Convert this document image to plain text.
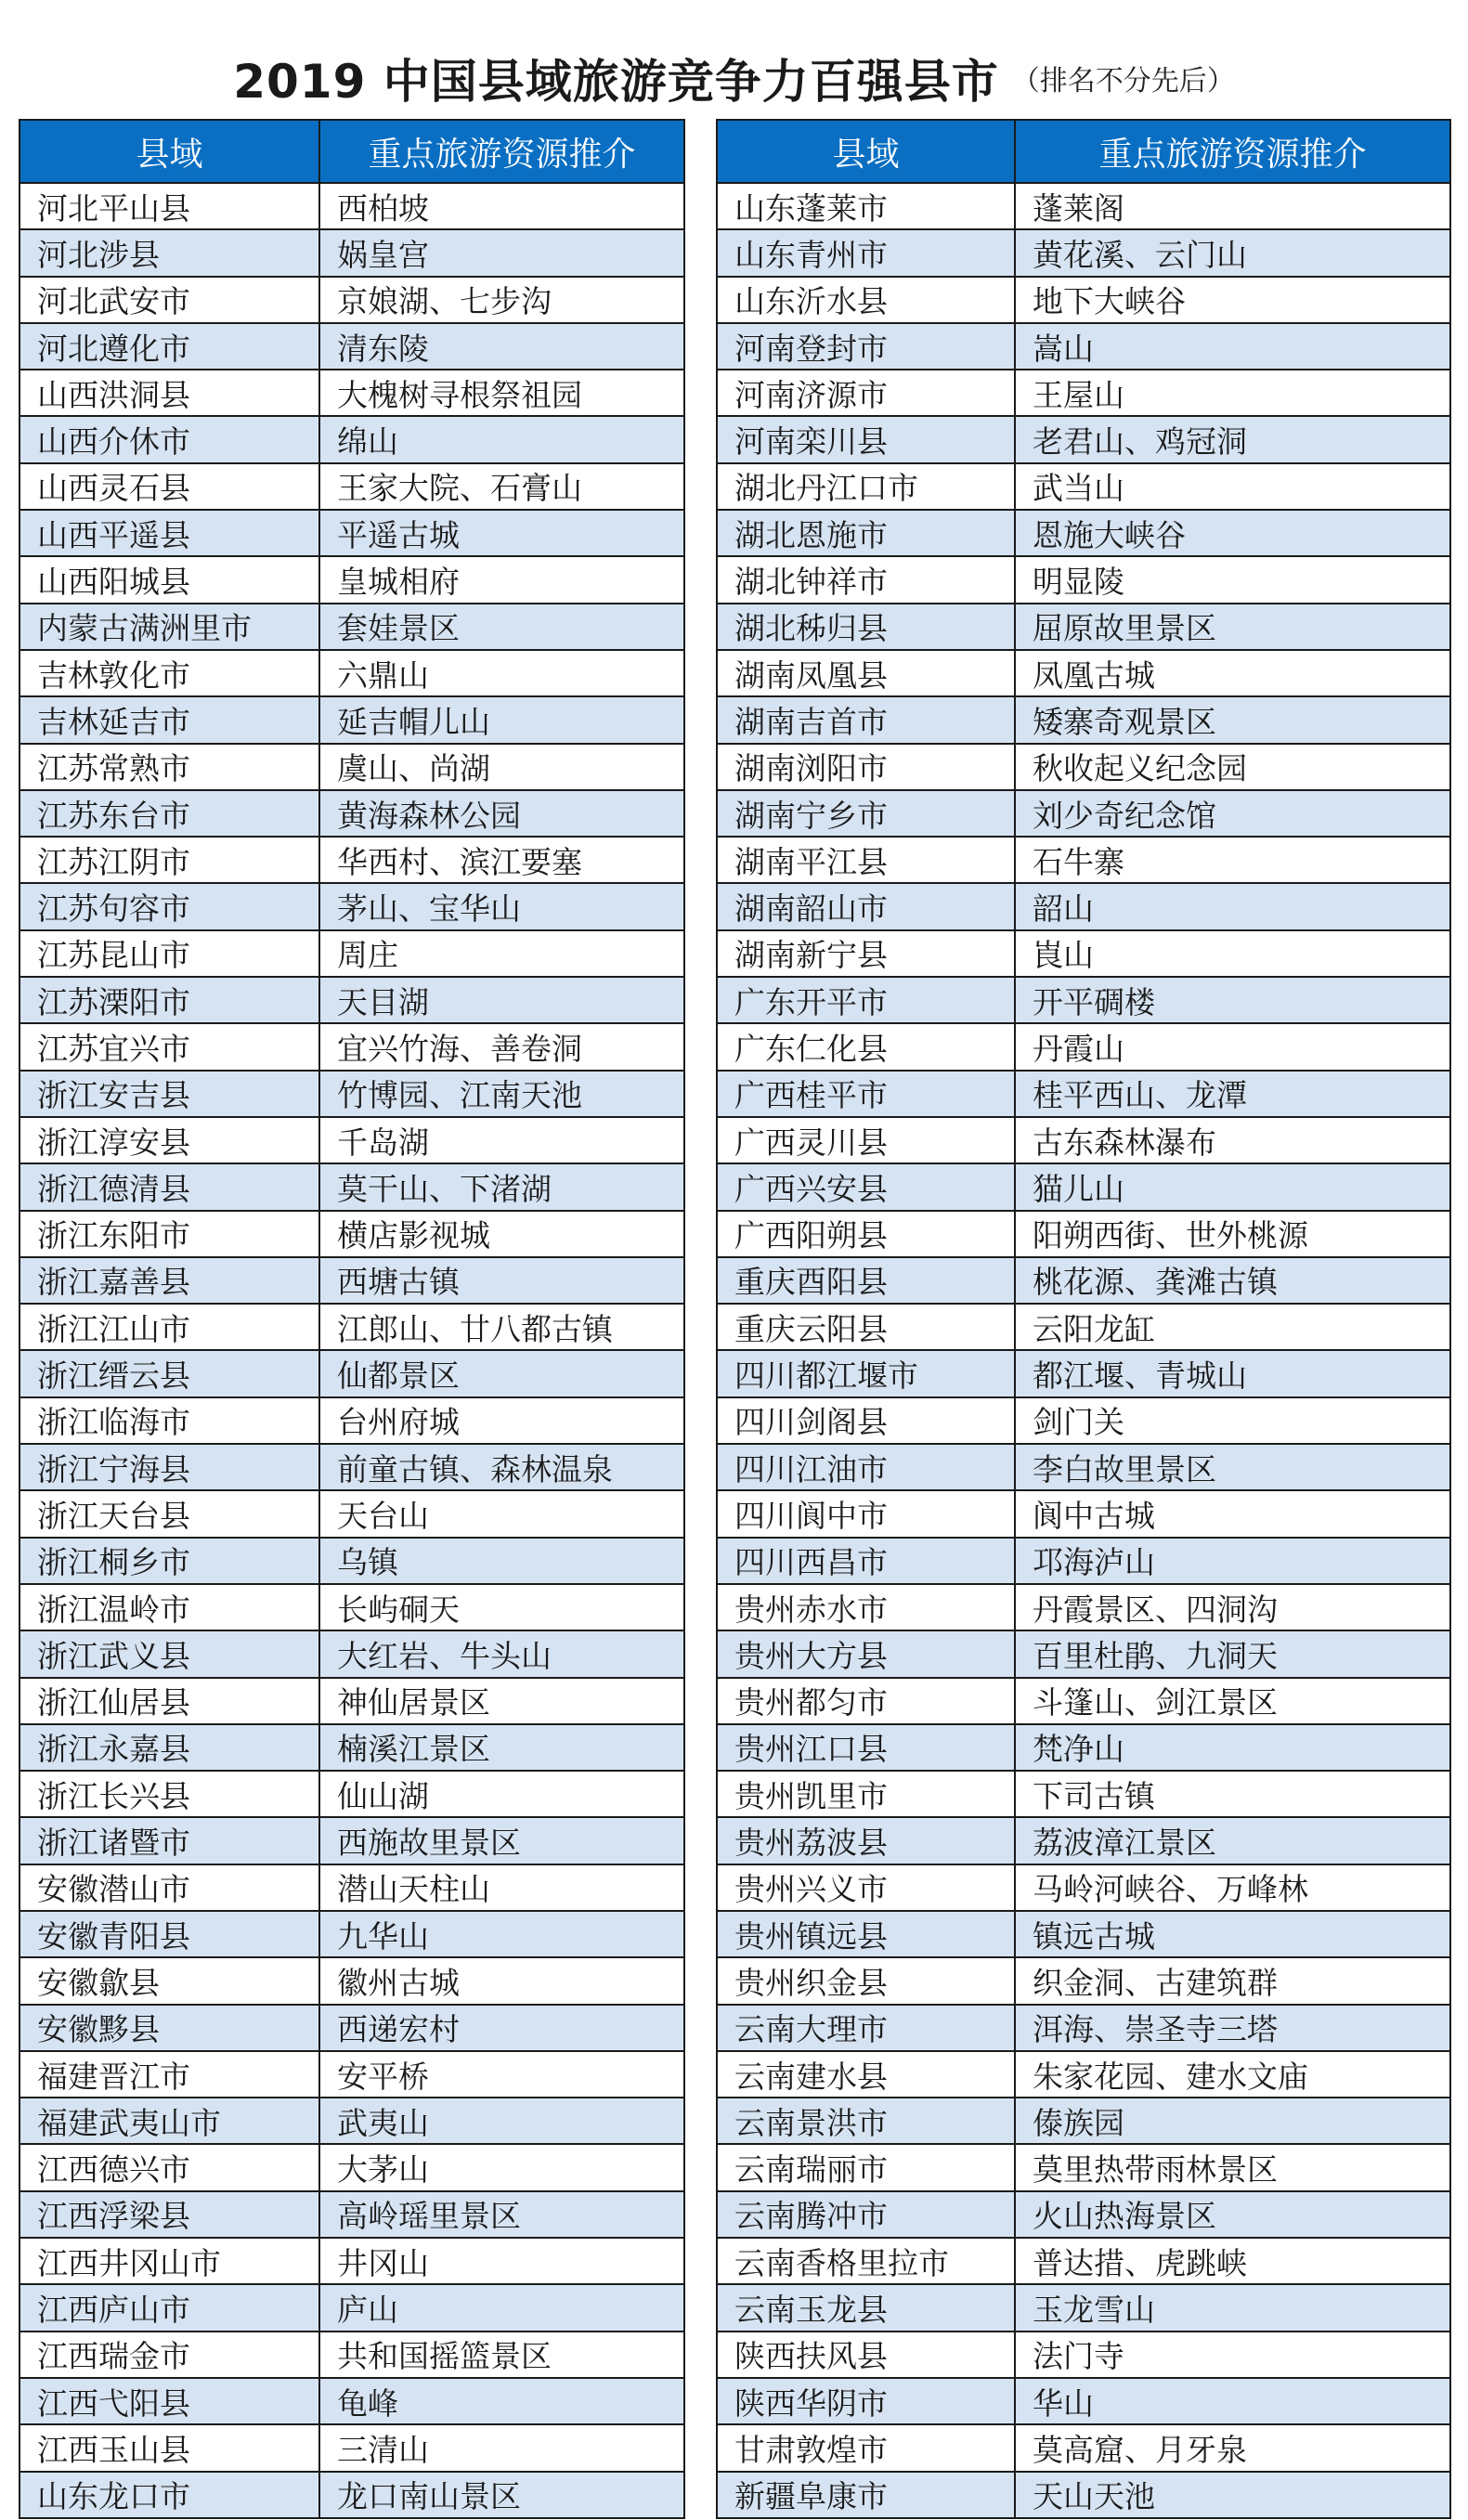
2019 中国县域旅游竞争力百强县市 （排名不分先后）
县域	重点旅游资源推介
河北平山县	西柏坡
河北涉县	娲皇宫
河北武安市	京娘湖、七步沟
河北遵化市	清东陵
山西洪洞县	大槐树寻根祭祖园
山西介休市	绵山
山西灵石县	王家大院、石膏山
山西平遥县	平遥古城
山西阳城县	皇城相府
内蒙古满洲里市	套娃景区
吉林敦化市	六鼎山
吉林延吉市	延吉帽儿山
江苏常熟市	虞山、尚湖
江苏东台市	黄海森林公园
江苏江阴市	华西村、滨江要塞
江苏句容市	茅山、宝华山
江苏昆山市	周庄
江苏溧阳市	天目湖
江苏宜兴市	宜兴竹海、善卷洞
浙江安吉县	竹博园、江南天池
浙江淳安县	千岛湖
浙江德清县	莫干山、下渚湖
浙江东阳市	横店影视城
浙江嘉善县	西塘古镇
浙江江山市	江郎山、廿八都古镇
浙江缙云县	仙都景区
浙江临海市	台州府城
浙江宁海县	前童古镇、森林温泉
浙江天台县	天台山
浙江桐乡市	乌镇
浙江温岭市	长屿硐天
浙江武义县	大红岩、牛头山
浙江仙居县	神仙居景区
浙江永嘉县	楠溪江景区
浙江长兴县	仙山湖
浙江诸暨市	西施故里景区
安徽潜山市	潜山天柱山
安徽青阳县	九华山
安徽歙县	徽州古城
安徽黟县	西递宏村
福建晋江市	安平桥
福建武夷山市	武夷山
江西德兴市	大茅山
江西浮梁县	高岭瑶里景区
江西井冈山市	井冈山
江西庐山市	庐山
江西瑞金市	共和国摇篮景区
江西弋阳县	龟峰
江西玉山县	三清山
山东龙口市	龙口南山景区
县域	重点旅游资源推介
山东蓬莱市	蓬莱阁
山东青州市	黄花溪、云门山
山东沂水县	地下大峡谷
河南登封市	嵩山
河南济源市	王屋山
河南栾川县	老君山、鸡冠洞
湖北丹江口市	武当山
湖北恩施市	恩施大峡谷
湖北钟祥市	明显陵
湖北秭归县	屈原故里景区
湖南凤凰县	凤凰古城
湖南吉首市	矮寨奇观景区
湖南浏阳市	秋收起义纪念园
湖南宁乡市	刘少奇纪念馆
湖南平江县	石牛寨
湖南韶山市	韶山
湖南新宁县	崀山
广东开平市	开平碉楼
广东仁化县	丹霞山
广西桂平市	桂平西山、龙潭
广西灵川县	古东森林瀑布
广西兴安县	猫儿山
广西阳朔县	阳朔西街、世外桃源
重庆酉阳县	桃花源、龚滩古镇
重庆云阳县	云阳龙缸
四川都江堰市	都江堰、青城山
四川剑阁县	剑门关
四川江油市	李白故里景区
四川阆中市	阆中古城
四川西昌市	邛海泸山
贵州赤水市	丹霞景区、四洞沟
贵州大方县	百里杜鹃、九洞天
贵州都匀市	斗篷山、剑江景区
贵州江口县	梵净山
贵州凯里市	下司古镇
贵州荔波县	荔波漳江景区
贵州兴义市	马岭河峡谷、万峰林
贵州镇远县	镇远古城
贵州织金县	织金洞、古建筑群
云南大理市	洱海、崇圣寺三塔
云南建水县	朱家花园、建水文庙
云南景洪市	傣族园
云南瑞丽市	莫里热带雨林景区
云南腾冲市	火山热海景区
云南香格里拉市	普达措、虎跳峡
云南玉龙县	玉龙雪山
陕西扶风县	法门寺
陕西华阴市	华山
甘肃敦煌市	莫高窟、月牙泉
新疆阜康市	天山天池
